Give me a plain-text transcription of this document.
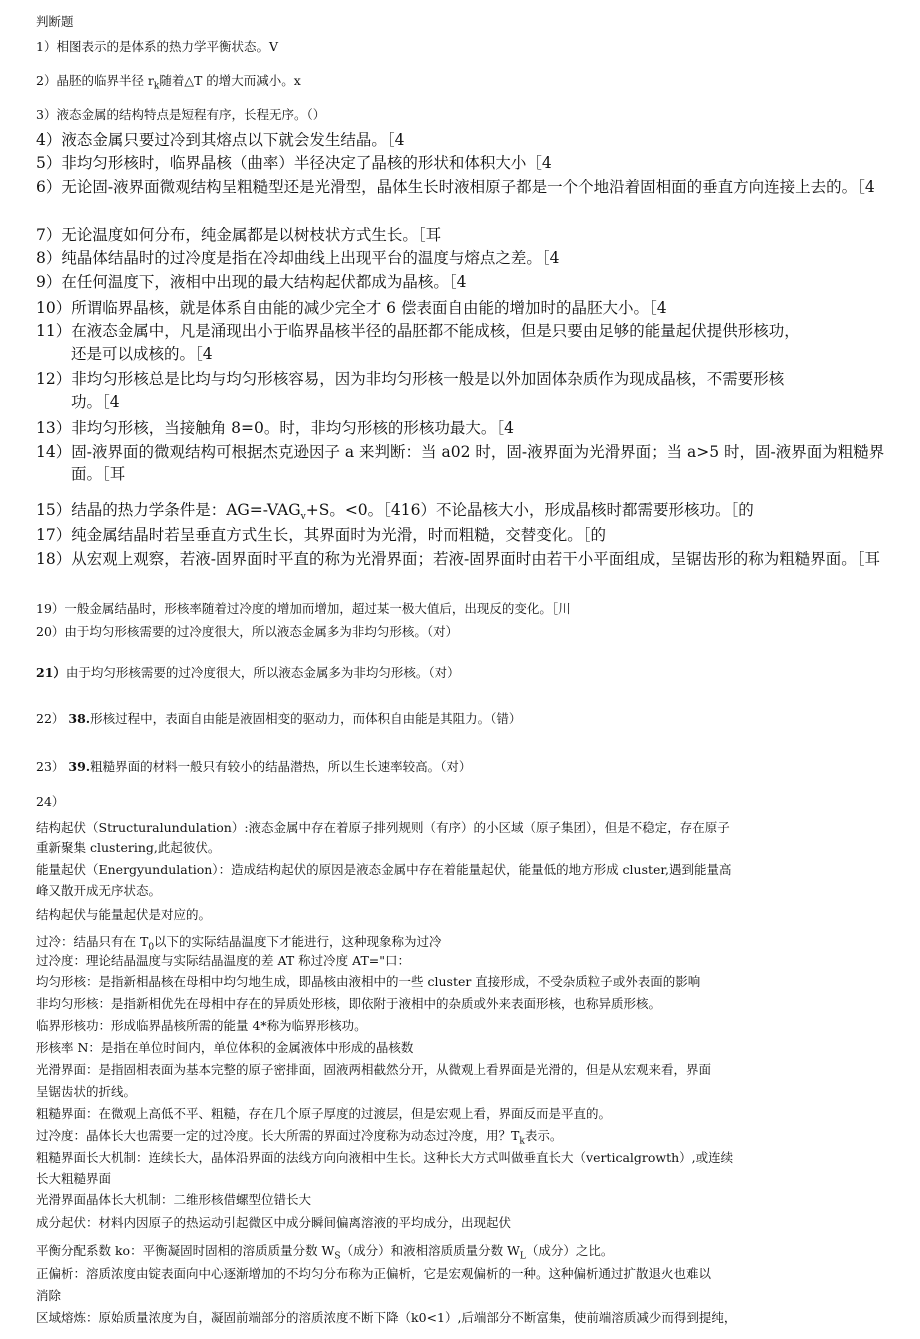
判断题
1）相图表示的是体系的热力学平衡状态。V
2）晶胚的临界半径 $r_k$随着△T 的增大而减小。x
3）液态金属的结构特点是短程有序，长程无序。（）
4）液态金属只要过冷到其熔点以下就会发生结晶。［4
5）非均匀形核时，临界晶核（曲率）半径决定了晶核的形状和体积大小［4
6）无论固-液界面微观结构呈粗糙型还是光滑型，晶体生长时液相原子都是一个个地沿着固相面的垂直方向连接上去的。［4
7）无论温度如何分布，纯金属都是以树枝状方式生长。［耳
8）纯晶体结晶时的过冷度是指在冷却曲线上出现平台的温度与熔点之差。［4
9）在任何温度下，液相中出现的最大结构起伏都成为晶核。［4
10）所谓临界晶核，就是体系自由能的减少完全才 6 偿表面自由能的增加时的晶胚大小。［4
11）在液态金属中，凡是涌现出小于临界晶核半径的晶胚都不能成核，但是只要由足够的能量起伏提供形核功，
还是可以成核的。［4
12）非均匀形核总是比均与均匀形核容易，因为非均匀形核一般是以外加固体杂质作为现成晶核，不需要形核
功。［4
13）非均匀形核，当接触角 8=0。时，非均匀形核的形核功最大。［4
14）固-液界面的微观结构可根据杰克逊因子 a 来判断：当 a02 时，固-液界面为光滑界面；当 a>5 时，固-液界面为粗糙界面。［耳
15）结晶的热力学条件是：$AG=-VAG_v+S$。<0。［416）不论晶核大小，形成晶核时都需要形核功。［的
17）纯金属结晶时若呈垂直方式生长，其界面时为光滑，时而粗糙，交替变化。［的
18）从宏观上观察，若液-固界面时平直的称为光滑界面；若液-固界面时由若干小平面组成，呈锯齿形的称为粗糙界面。［耳
19）一般金属结晶时，形核率随着过冷度的增加而增加，超过某一极大值后，出现反的变化。［川
20）由于均匀形核需要的过冷度很大，所以液态金属多为非均匀形核。（对）
21）由于均匀形核需要的过冷度很大，所以液态金属多为非均匀形核。（对）
22） 38.形核过程中，表面自由能是液固相变的驱动力，而体积自由能是其阻力。（错）
23） 39.粗糙界面的材料一般只有较小的结晶潜热，所以生长速率较高。（对）
24）
结构起伏（Structuralundulation）:液态金属中存在着原子排列规则（有序）的小区域（原子集团），但是不稳定，存在原子
重新聚集 clustering,此起彼伏。
能量起伏（Energyundulation）：造成结构起伏的原因是液态金属中存在着能量起伏，能量低的地方形成 cluster,遇到能量高
峰又散开成无序状态。
结构起伏与能量起伏是对应的。
过冷：结晶只有在 $T_0$以下的实际结晶温度下才能进行，这种现象称为过冷
过冷度：理论结晶温度与实际结晶温度的差 AT 称过冷度 AT="口：
均匀形核：是指新相晶核在母相中均匀地生成，即晶核由液相中的一些 cluster 直接形成，不受杂质粒子或外表面的影响
非均匀形核：是指新相优先在母相中存在的异质处形核，即依附于液相中的杂质或外来表面形核，也称异质形核。
临界形核功：形成临界晶核所需的能量 4*称为临界形核功。
形核率 N：是指在单位时间内，单位体积的金属液体中形成的晶核数
光滑界面：是指固相表面为基本完整的原子密排面，固液两相截然分开，从微观上看界面是光滑的，但是从宏观来看，界面
呈锯齿状的折线。
粗糙界面：在微观上高低不平、粗糙，存在几个原子厚度的过渡层，但是宏观上看，界面反而是平直的。
过冷度：晶体长大也需要一定的过冷度。长大所需的界面过冷度称为动态过冷度，用？$T_k$表示。
粗糙界面长大机制：连续长大，晶体沿界面的法线方向向液相中生长。这种长大方式叫做垂直长大（verticalgrowth）,或连续
长大粗糙界面
光滑界面晶体长大机制：二维形核借螺型位错长大
成分起伏：材料内因原子的热运动引起微区中成分瞬间偏离溶液的平均成分，出现起伏
平衡分配系数 ko：平衡凝固时固相的溶质质量分数 $W_S$（成分）和液相溶质质量分数 $W_L$（成分）之比。
正偏析：溶质浓度由锭表面向中心逐渐增加的不均匀分布称为正偏析，它是宏观偏析的一种。这种偏析通过扩散退火也难以
消除
区域熔炼：原始质量浓度为自，凝固前端部分的溶质浓度不断下降（k0<1）,后端部分不断富集，使前端溶质减少而得到提纯，
